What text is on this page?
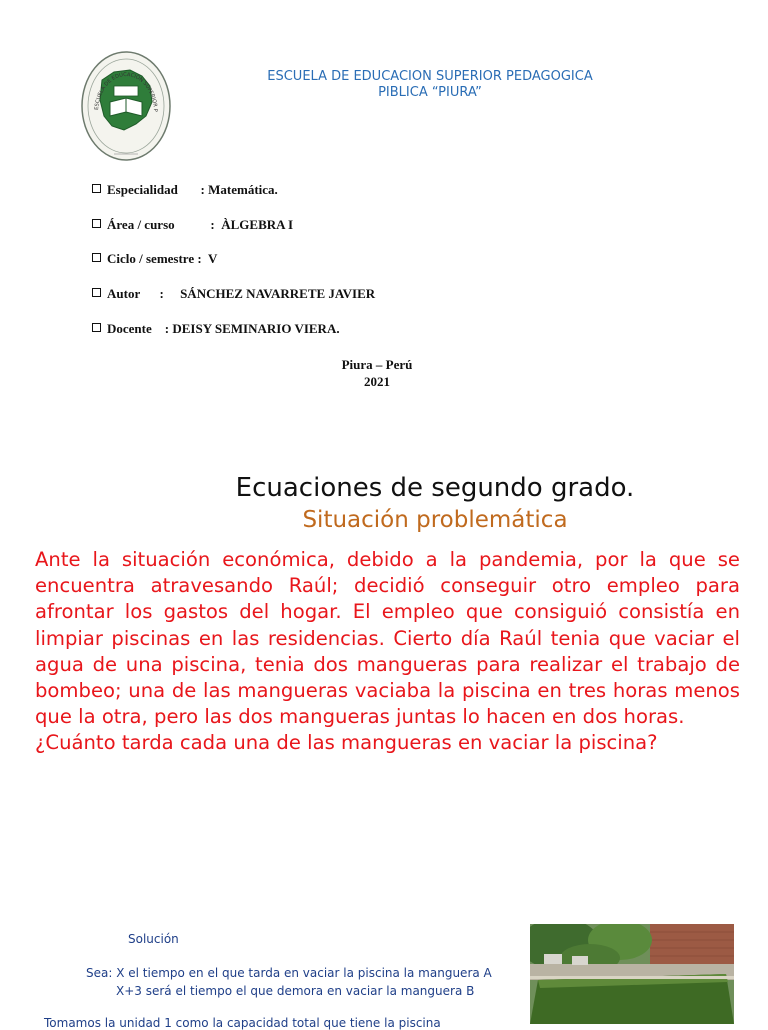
ESCUELA DE EDUCACIÓN SUPERIOR P
ESCUELA DE EDUCACION SUPERIOR PEDAGOGICA
PIBLICA “PIURA”
Especialidad       : Matemática.
Área / curso           :  ÀLGEBRA I
Ciclo / semestre :  V
Autor      :     SÁNCHEZ NAVARRETE JAVIER
Docente    : DEISY SEMINARIO VIERA.
Piura – Perú
2021
Ecuaciones de segundo grado.
Situación problemática

Ante la situación económica, debido a la pandemia, por la que se encuentra atravesando Raúl; decidió conseguir otro empleo para afrontar los gastos del hogar. El empleo que consiguió consistía en limpiar piscinas en las residencias. Cierto día Raúl tenia que vaciar el agua de una piscina, tenia dos mangueras para realizar el trabajo de bombeo; una de las mangueras vaciaba la piscina en tres horas menos que la otra, pero las dos mangueras juntas lo hacen en dos horas.

¿Cuánto tarda cada una de las mangueras en vaciar la piscina?

Solución
Sea: X el tiempo en el que tarda en vaciar la piscina la manguera A
X+3 será el tiempo el que demora en vaciar la manguera B
Tomamos la unidad 1 como la capacidad total que tiene la piscina
